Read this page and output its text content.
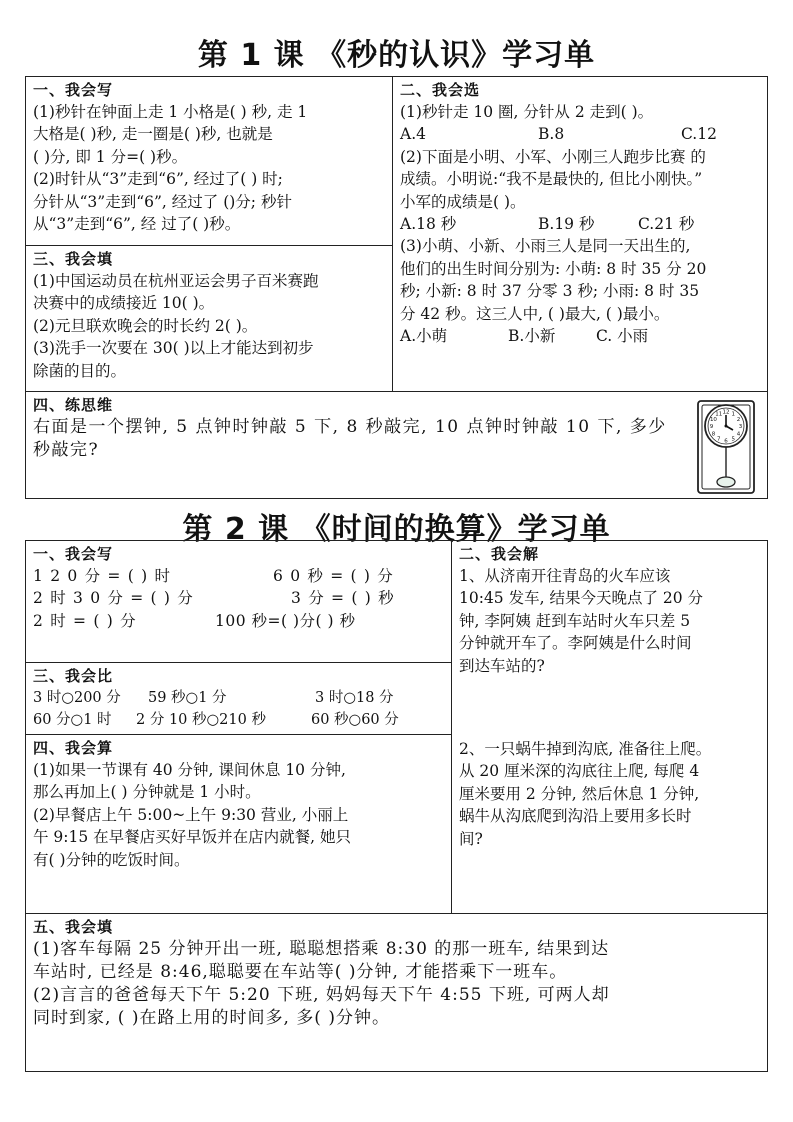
第 1 课 《秒的认识》学习单
一、我会写
(1)秒针在钟面上走 1 小格是( ) 秒, 走 1
大格是( )秒, 走一圈是( )秒, 也就是
( )分, 即 1 分=( )秒。
(2)时针从“3”走到“6”, 经过了( ) 时;
分针从“3”走到“6”, 经过了 ()分; 秒针
从“3”走到“6”, 经 过了( )秒。
二、我会选
(1)秒针走 10 圈, 分针从 2 走到( )。
A.4	B.8	C.12
(2)下面是小明、小军、小刚三人跑步比赛 的
成绩。小明说:“我不是最快的, 但比小刚快。”
小军的成绩是( )。
A.18 秒	B.19 秒	C.21 秒
(3)小萌、小新、小雨三人是同一天出生的,
他们的出生时间分别为: 小萌: 8 时 35 分 20
秒; 小新: 8 时 37 分零 3 秒; 小雨: 8 时 35
分 42 秒。这三人中, ( )最大, ( )最小。
A.小萌	B.小新	C. 小雨
三、我会填
(1)中国运动员在杭州亚运会男子百米赛跑
决赛中的成绩接近 10( )。
(2)元旦联欢晚会的时长约 2( )。
(3)洗手一次要在 30( )以上才能达到初步
除菌的目的。
四、练思维
右面是一个摆钟, 5 点钟时钟敲 5 下, 8 秒敲完, 10 点钟时钟敲 10 下, 多少
秒敲完?
12 1
2
3
4
5
6
7
8
9
10
11
第 2 课 《时间的换算》学习单
一、我会写
1 2 0 分 = ( ) 时	6 0 秒 = ( ) 分
2 时 3 0 分 = ( ) 分	3 分 = ( ) 秒
2 时 = ( ) 分	100 秒=( )分( ) 秒
二、我会解
1、从济南开往青岛的火车应该
10:45 发车, 结果今天晚点了 20 分
钟, 李阿姨 赶到车站时火车只差 5
分钟就开车了。李阿姨是什么时间
到达车站的?
2、一只蜗牛掉到沟底, 准备往上爬。
从 20 厘米深的沟底往上爬, 每爬 4
厘米要用 2 分钟, 然后休息 1 分钟,
蜗牛从沟底爬到沟沿上要用多长时
间?
三、我会比
3 时○200 分	59 秒○1 分	3 时○18 分
60 分○1 时	2 分 10 秒○210 秒	60 秒○60 分
四、我会算
(1)如果一节课有 40 分钟, 课间休息 10 分钟,
那么再加上( ) 分钟就是 1 小时。
(2)早餐店上午 5:00~上午 9:30 营业, 小丽上
午 9:15 在早餐店买好早饭并在店内就餐, 她只
有( )分钟的吃饭时间。
五、我会填
(1)客车每隔 25 分钟开出一班, 聪聪想搭乘 8:30 的那一班车, 结果到达
车站时, 已经是 8:46,聪聪要在车站等( )分钟, 才能搭乘下一班车。
(2)言言的爸爸每天下午 5:20 下班, 妈妈每天下午 4:55 下班, 可两人却
同时到家, ( )在路上用的时间多, 多( )分钟。
